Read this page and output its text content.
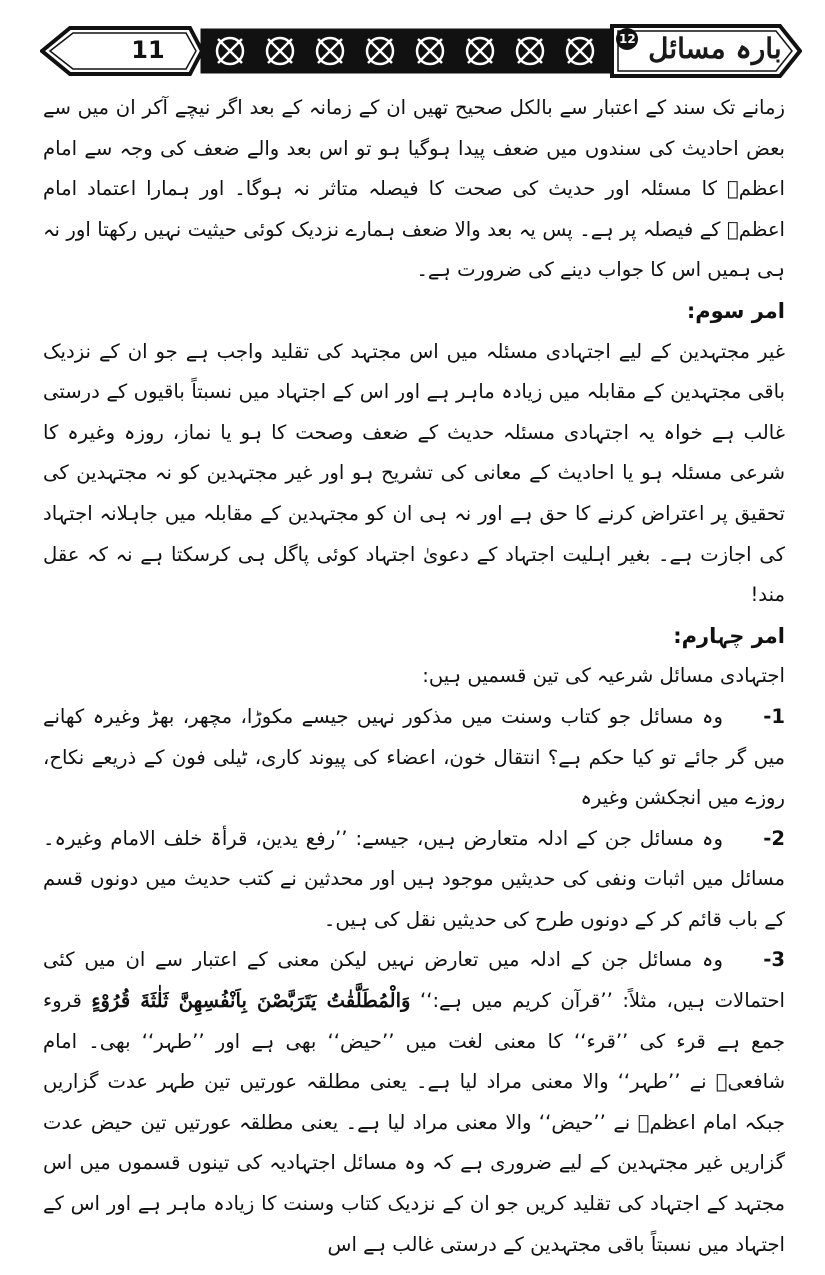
11	بارہ مسائل 12

زمانے تک سند کے اعتبار سے بالکل صحیح تھیں ان کے زمانہ کے بعد اگر نیچے آکر ان میں سے بعض احادیث کی سندوں میں ضعف پیدا ہوگیا ہو تو اس بعد والے ضعف کی وجہ سے امام اعظمؒ کا مسئلہ اور حدیث کی صحت کا فیصلہ متاثر نہ ہوگا۔ اور ہمارا اعتماد امام اعظمؒ کے فیصلہ پر ہے۔ پس یہ بعد والا ضعف ہمارے نزدیک کوئی حیثیت نہیں رکھتا اور نہ ہی ہمیں اس کا جواب دینے کی ضرورت ہے۔

امر سوم:

غیر مجتہدین کے لیے اجتہادی مسئلہ میں اس مجتہد کی تقلید واجب ہے جو ان کے نزدیک باقی مجتہدین کے مقابلہ میں زیادہ ماہر ہے اور اس کے اجتہاد میں نسبتاً باقیوں کے درستی غالب ہے خواہ یہ اجتہادی مسئلہ حدیث کے ضعف وصحت کا ہو یا نماز، روزہ وغیرہ کا شرعی مسئلہ ہو یا احادیث کے معانی کی تشریح ہو اور غیر مجتہدین کو نہ مجتہدین کی تحقیق پر اعتراض کرنے کا حق ہے اور نہ ہی ان کو مجتہدین کے مقابلہ میں جاہلانہ اجتہاد کی اجازت ہے۔ بغیر اہلیت اجتہاد کے دعویٰ اجتہاد کوئی پاگل ہی کرسکتا ہے نہ کہ عقل مند!

امر چہارم:

اجتہادی مسائل شرعیہ کی تین قسمیں ہیں:

1-وہ مسائل جو کتاب وسنت میں مذکور نہیں جیسے مکوڑا، مچھر، بھڑ وغیرہ کھانے میں گر جائے تو کیا حکم ہے؟ انتقال خون، اعضاء کی پیوند کاری، ٹیلی فون کے ذریعے نکاح، روزے میں انجکشن وغیرہ

2-وہ مسائل جن کے ادلہ متعارض ہیں، جیسے: ’’رفع یدین، قرأۃ خلف الامام وغیرہ۔ مسائل میں اثبات ونفی کی حدیثیں موجود ہیں اور محدثین نے کتب حدیث میں دونوں قسم کے باب قائم کر کے دونوں طرح کی حدیثیں نقل کی ہیں۔

3-وہ مسائل جن کے ادلہ میں تعارض نہیں لیکن معنی کے اعتبار سے ان میں کئی احتمالات ہیں، مثلاً: ’’قرآن کریم میں ہے:‘‘ وَالْمُطَلَّقٰتُ يَتَرَبَّصْنَ بِاَنْفُسِهِنَّ ثَلٰثَةَ قُرُوْءٍ قروء جمع ہے قرء کی ’’قرء‘‘ کا معنی لغت میں ’’حیض‘‘ بھی ہے اور ’’طہر‘‘ بھی۔ امام شافعیؒ نے ’’طہر‘‘ والا معنی مراد لیا ہے۔ یعنی مطلقہ عورتیں تین طہر عدت گزاریں جبکہ امام اعظمؒ نے ’’حیض‘‘ والا معنی مراد لیا ہے۔ یعنی مطلقہ عورتیں تین حیض عدت گزاریں غیر مجتہدین کے لیے ضروری ہے کہ وہ مسائل اجتہادیہ کی تینوں قسموں میں اس مجتہد کے اجتہاد کی تقلید کریں جو ان کے نزدیک کتاب وسنت کا زیادہ ماہر ہے اور اس کے اجتہاد میں نسبتاً باقی مجتہدین کے درستی غالب ہے اس
